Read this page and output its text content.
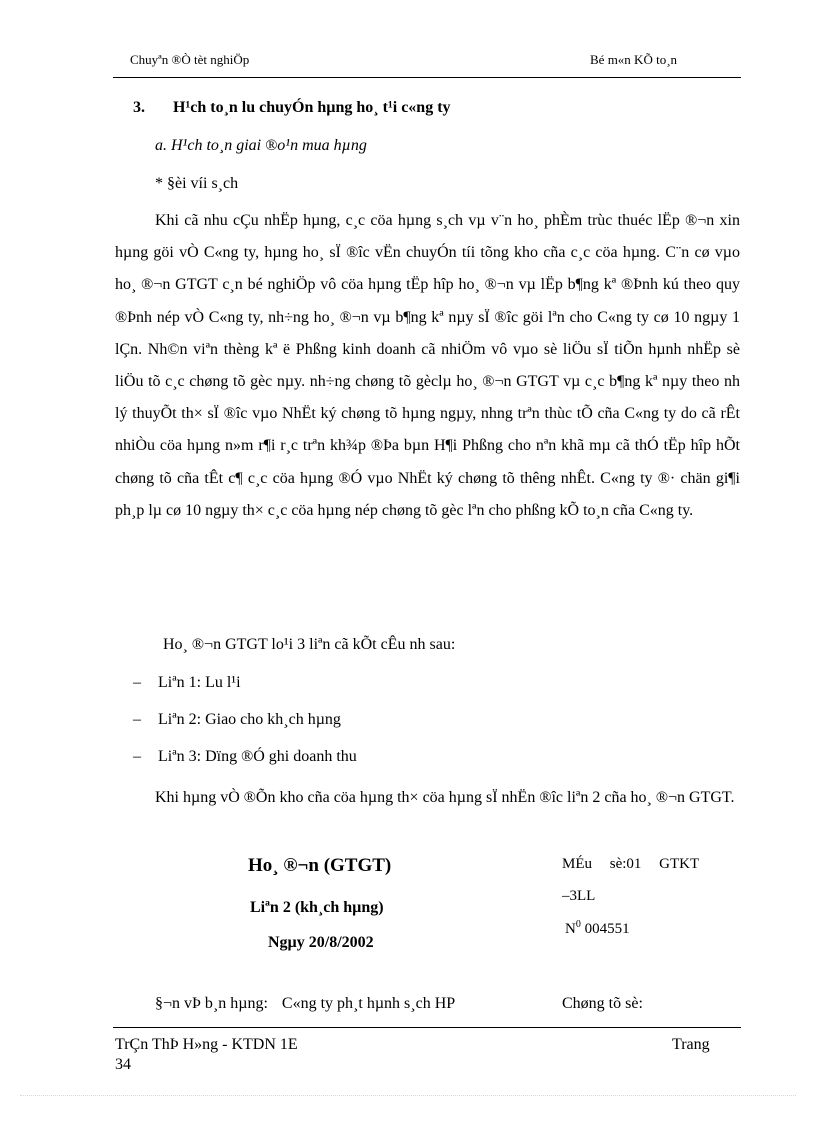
Chuyªn ®Ò tèt nghiÖp	Bé m«n KÕ to¸n
3. H¹ch to¸n lu chuyÓn hµng ho¸ t¹i c«ng ty
a. H¹ch to¸n giai ®o¹n mua hµng
* §èi víi s¸ch

Khi cã nhu cÇu nhËp hµng, c¸c cöa hµng s¸ch vµ v¨n ho¸ phÈm trùc thuéc lËp ®¬n xin hµng göi vÒ C«ng ty, hµng ho¸ sÏ ®îc vËn chuyÓn tíi tõng kho cña c¸c cöa hµng. C¨n cø vµo ho¸ ®¬n GTGT c¸n bé nghiÖp vô cöa hµng tËp hîp ho¸ ®¬n vµ lËp b¶ng kª ®Þnh kú theo quy ®Þnh nép vÒ C«ng ty, nh÷ng ho¸ ®¬n vµ b¶ng kª nµy sÏ ®îc göi lªn cho C«ng ty cø 10 ngµy 1 lÇn. Nh©n viªn thèng kª ë Phßng kinh doanh cã nhiÖm vô vµo sè liÖu sÏ tiÕn hµnh nhËp sè liÖu tõ c¸c chøng tõ gèc nµy. nh÷ng chøng tõ gèclµ ho¸ ®¬n GTGT vµ c¸c b¶ng kª nµy theo nh lý thuyÕt th× sÏ ®îc vµo NhËt ký chøng tõ hµng ngµy, nhng trªn thùc tÕ cña C«ng ty do cã rÊt nhiÒu cöa hµng n»m r¶i r¸c trªn kh¾p ®Þa bµn H¶i Phßng cho nªn khã mµ cã thÓ tËp hîp hÕt chøng tõ cña tÊt c¶ c¸c cöa hµng ®Ó vµo NhËt ký chøng tõ thêng nhÊt. C«ng ty ®· chän gi¶i ph¸p lµ cø 10 ngµy th× c¸c cöa hµng nép chøng tõ gèc lªn cho phßng kÕ to¸n cña C«ng ty.

Ho¸ ®¬n GTGT lo¹i 3 liªn cã kÕt cÊu nh sau:
– Liªn 1: Lu l¹i
– Liªn 2: Giao cho kh¸ch hµng
– Liªn 3: Dïng ®Ó ghi doanh thu

Khi hµng vÒ ®Õn kho cña cöa hµng th× cöa hµng sÏ nhËn ®îc liªn 2 cña ho¸ ®¬n GTGT.

Ho¸ ®¬n (GTGT)
Liªn 2 (kh¸ch hµng)
Ngµy 20/8/2002
MÉu sè:01 GTKT
–3LL
$N^0$ 004551
§¬n vÞ b¸n hµng: C«ng ty ph¸t hµnh s¸ch HP	Chøng tõ sè:
TrÇn ThÞ H»ng - KTDN 1E	Trang
34
